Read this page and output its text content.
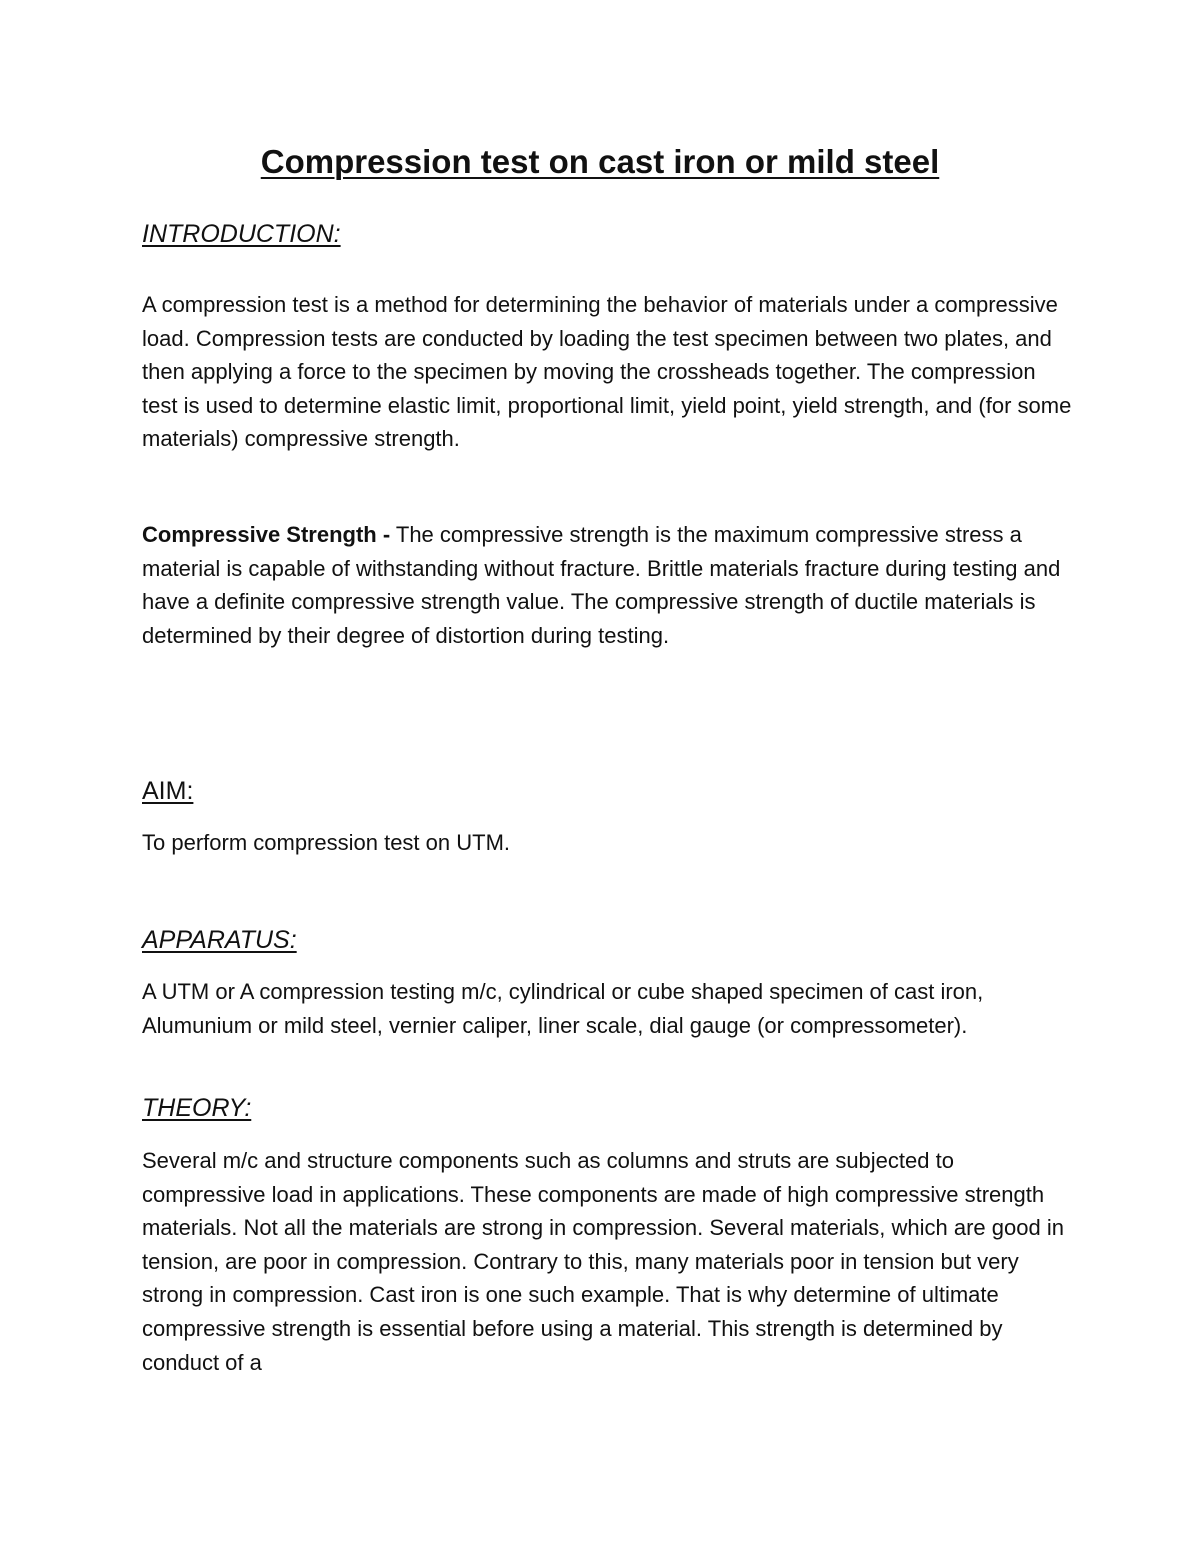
Compression test on cast iron or mild steel
INTRODUCTION:

A compression test is a method for determining the behavior of materials under a compressive load. Compression tests are conducted by loading the test specimen between two plates, and then applying a force to the specimen by moving the crossheads together. The compression test is used to determine elastic limit, proportional limit, yield point, yield strength, and (for some materials) compressive strength.

Compressive Strength - The compressive strength is the maximum compressive stress a material is capable of withstanding without fracture. Brittle materials fracture during testing and have a definite compressive strength value. The compressive strength of ductile materials is determined by their degree of distortion during testing.

AIM:

To perform compression test on UTM.

APPARATUS:

A UTM or A compression testing m/c, cylindrical or cube shaped specimen of cast iron, Alumunium or mild steel, vernier caliper, liner scale, dial gauge (or compressometer).

THEORY:

Several m/c and structure components such as columns and struts are subjected to compressive load in applications. These components are made of high compressive strength materials. Not all the materials are strong in compression. Several materials, which are good in tension, are poor in compression. Contrary to this, many materials poor in tension but very strong in compression. Cast iron is one such example. That is why determine of ultimate compressive strength is essential before using a material. This strength is determined by conduct of a
